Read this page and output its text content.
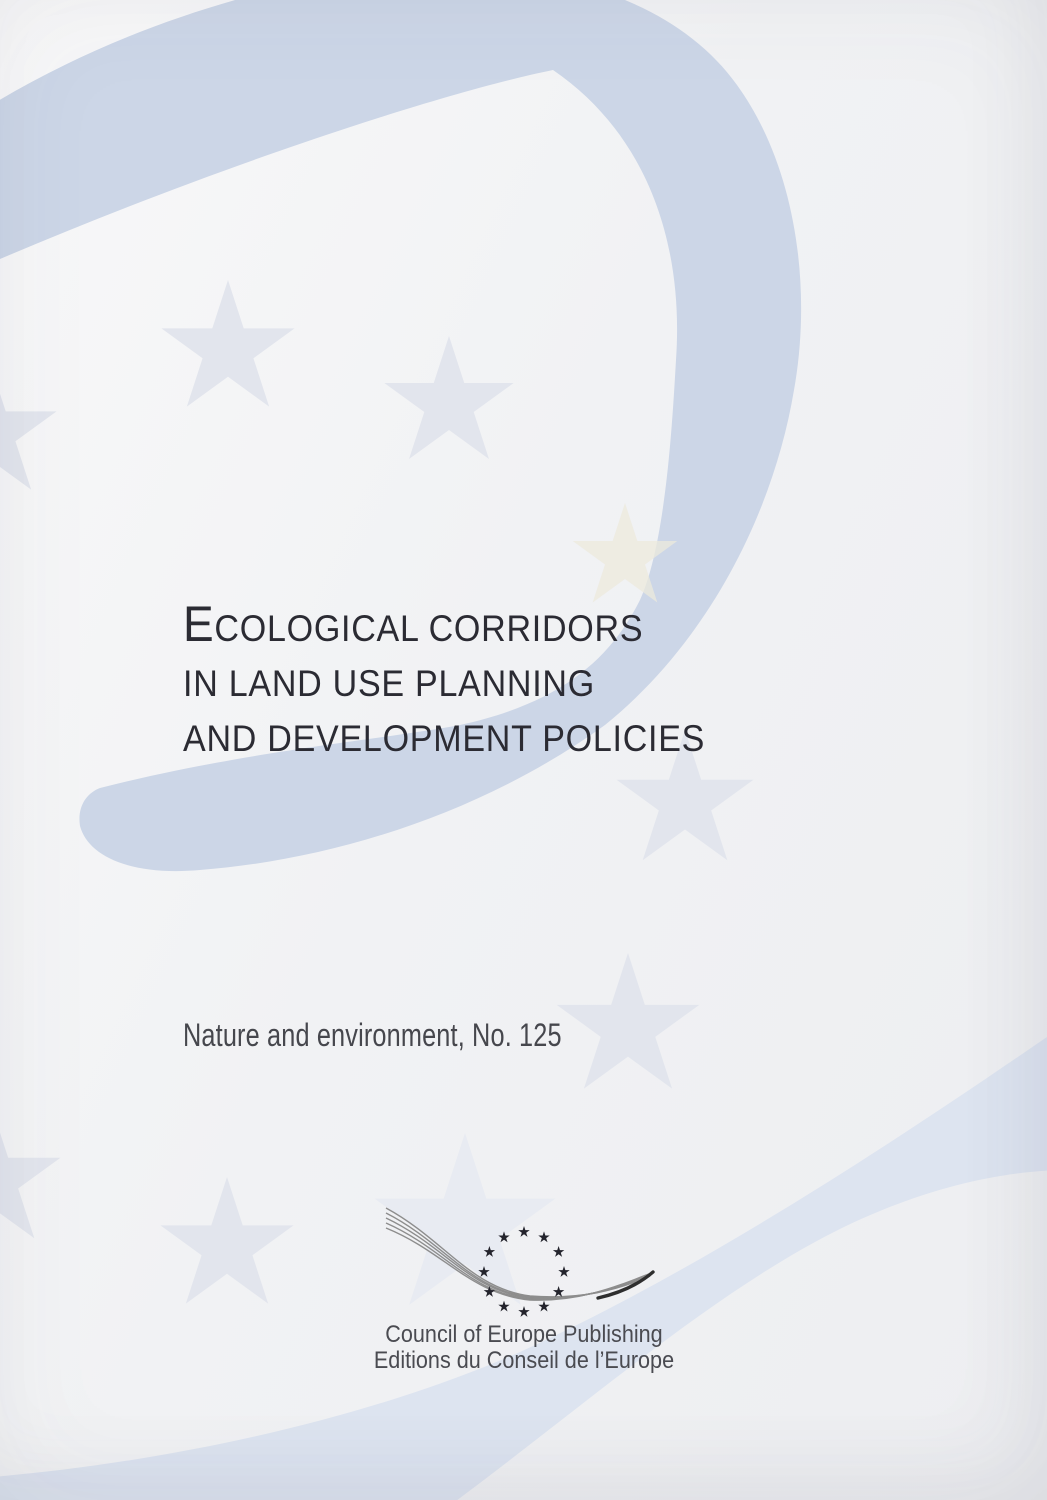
ECOLOGICAL CORRIDORS
IN LAND USE PLANNING
AND DEVELOPMENT POLICIES
Nature and environment, No. 125
Council of Europe Publishing
Editions du Conseil de l’Europe
